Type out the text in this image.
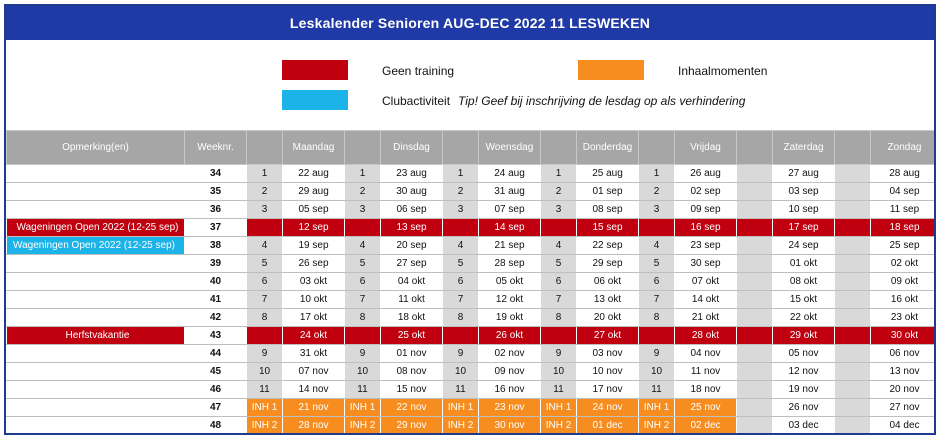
Leskalender Senioren AUG-DEC 2022 11 LESWEKEN
Geen training	Inhaalmomenten
Clubactiviteit Tip! Geef bij inschrijving de lesdag op als verhindering
Opmerking(en)	Weeknr.		Maandag		Dinsdag		Woensdag		Donderdag		Vrijdag		Zaterdag		Zondag
	34	1	22 aug	1	23 aug	1	24 aug	1	25 aug	1	26 aug		27 aug		28 aug
	35	2	29 aug	2	30 aug	2	31 aug	2	01 sep	2	02 sep		03 sep		04 sep
	36	3	05 sep	3	06 sep	3	07 sep	3	08 sep	3	09 sep		10 sep		11 sep
Wageningen Open 2022 (12-25 sep)	37		12 sep		13 sep		14 sep		15 sep		16 sep		17 sep		18 sep
Wageningen Open 2022 (12-25 sep)	38	4	19 sep	4	20 sep	4	21 sep	4	22 sep	4	23 sep		24 sep		25 sep
	39	5	26 sep	5	27 sep	5	28 sep	5	29 sep	5	30 sep		01 okt		02 okt
	40	6	03 okt	6	04 okt	6	05 okt	6	06 okt	6	07 okt		08 okt		09 okt
	41	7	10 okt	7	11 okt	7	12 okt	7	13 okt	7	14 okt		15 okt		16 okt
	42	8	17 okt	8	18 okt	8	19 okt	8	20 okt	8	21 okt		22 okt		23 okt
Herfstvakantie	43		24 okt		25 okt		26 okt		27 okt		28 okt		29 okt		30 okt
	44	9	31 okt	9	01 nov	9	02 nov	9	03 nov	9	04 nov		05 nov		06 nov
	45	10	07 nov	10	08 nov	10	09 nov	10	10 nov	10	11 nov		12 nov		13 nov
	46	11	14 nov	11	15 nov	11	16 nov	11	17 nov	11	18 nov		19 nov		20 nov
	47	INH 1	21 nov	INH 1	22 nov	INH 1	23 nov	INH 1	24 nov	INH 1	25 nov		26 nov		27 nov
	48	INH 2	28 nov	INH 2	29 nov	INH 2	30 nov	INH 2	01 dec	INH 2	02 dec		03 dec		04 dec
